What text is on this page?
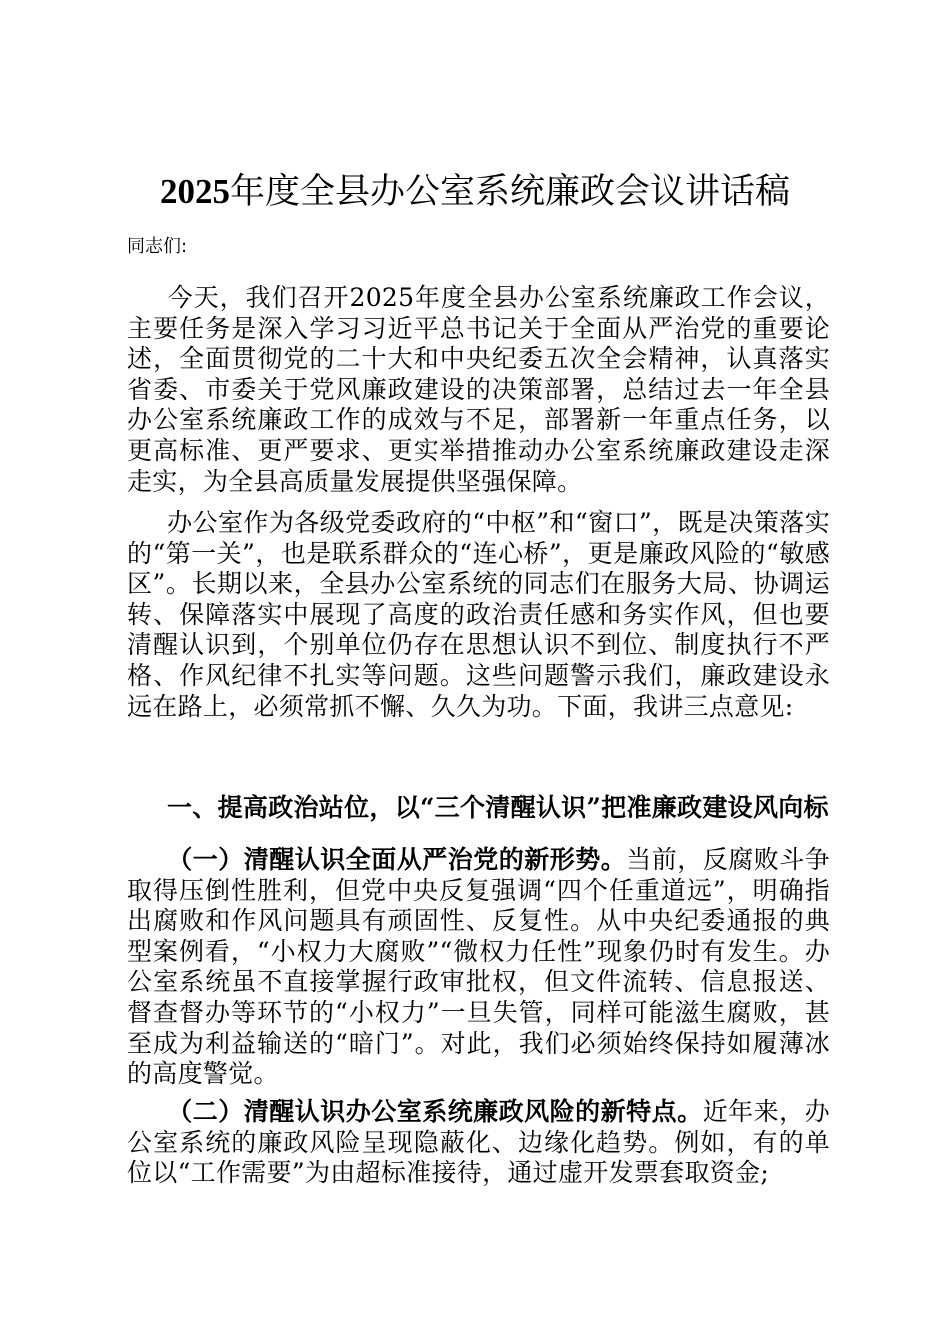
2025年度全县办公室系统廉政会议讲话稿

同志们:

今天，我们召开2025年度全县办公室系统廉政工作会议，主要任务是深入学习习近平总书记关于全面从严治党的重要论述，全面贯彻党的二十大和中央纪委五次全会精神，认真落实省委、市委关于党风廉政建设的决策部署，总结过去一年全县办公室系统廉政工作的成效与不足，部署新一年重点任务，以更高标准、更严要求、更实举措推动办公室系统廉政建设走深走实，为全县高质量发展提供坚强保障。

办公室作为各级党委政府的“中枢”和“窗口”，既是决策落实的“第一关”，也是联系群众的“连心桥”，更是廉政风险的“敏感区”。长期以来，全县办公室系统的同志们在服务大局、协调运转、保障落实中展现了高度的政治责任感和务实作风，但也要清醒认识到，个别单位仍存在思想认识不到位、制度执行不严格、作风纪律不扎实等问题。这些问题警示我们，廉政建设永远在路上，必须常抓不懈、久久为功。下面，我讲三点意见:

一、提高政治站位，以“三个清醒认识”把准廉政建设风向标

（一）清醒认识全面从严治党的新形势。当前，反腐败斗争取得压倒性胜利，但党中央反复强调“四个任重道远”，明确指出腐败和作风问题具有顽固性、反复性。从中央纪委通报的典型案例看，“小权力大腐败”“微权力任性”现象仍时有发生。办公室系统虽不直接掌握行政审批权，但文件流转、信息报送、督查督办等环节的“小权力”一旦失管，同样可能滋生腐败，甚至成为利益输送的“暗门”。对此，我们必须始终保持如履薄冰的高度警觉。

（二）清醒认识办公室系统廉政风险的新特点。近年来，办公室系统的廉政风险呈现隐蔽化、边缘化趋势。例如，有的单位以“工作需要”为由超标准接待，通过虚开发票套取资金;
